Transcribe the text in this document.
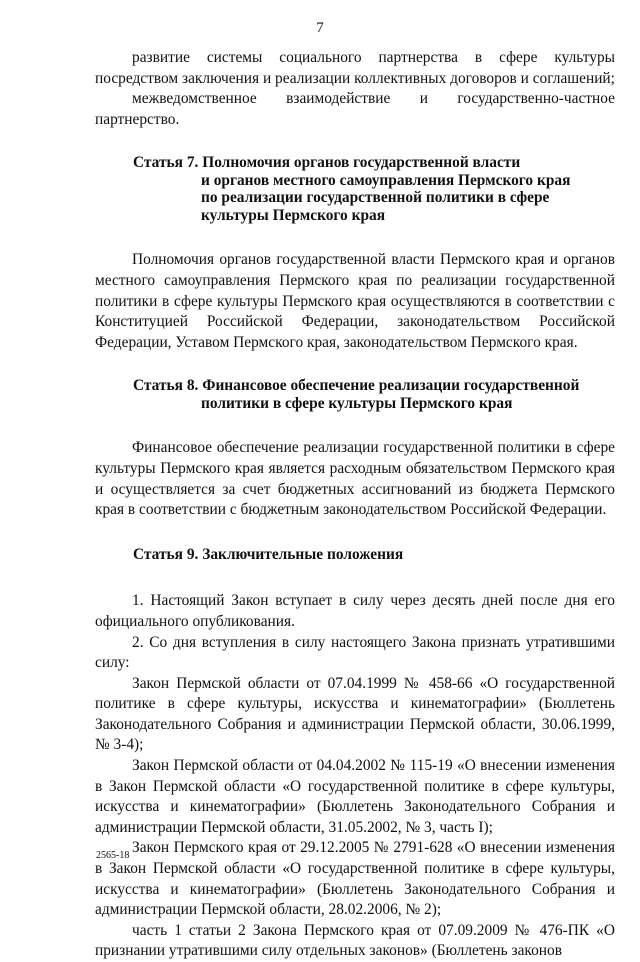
7

развитие системы социального партнерства в сфере культуры посредством заключения и реализации коллективных договоров и соглашений;

межведомственное взаимодействие и государственно-частное партнерство.

Статья 7. Полномочия органов государственной власти
и органов местного самоуправления Пермского края
по реализации государственной политики в сфере
культуры Пермского края

Полномочия органов государственной власти Пермского края и органов местного самоуправления Пермского края по реализации государственной политики в сфере культуры Пермского края осуществляются в соответствии с Конституцией Российской Федерации, законодательством Российской Федерации, Уставом Пермского края, законодательством Пермского края.

Статья 8. Финансовое обеспечение реализации государственной
политики в сфере культуры Пермского края

Финансовое обеспечение реализации государственной политики в сфере культуры Пермского края является расходным обязательством Пермского края и осуществляется за счет бюджетных ассигнований из бюджета Пермского края в соответствии с бюджетным законодательством Российской Федерации.

Статья 9. Заключительные положения

1. Настоящий Закон вступает в силу через десять дней после дня его официального опубликования.

2. Со дня вступления в силу настоящего Закона признать утратившими силу:

Закон Пермской области от 07.04.1999 № 458-66 «О государственной политике в сфере культуры, искусства и кинематографии» (Бюллетень Законодательного Собрания и администрации Пермской области, 30.06.1999, № 3-4);

Закон Пермской области от 04.04.2002 № 115-19 «О внесении изменения в Закон Пермской области «О государственной политике в сфере культуры, искусства и кинематографии» (Бюллетень Законодательного Собрания и администрации Пермской области, 31.05.2002, № 3, часть I);

Закон Пермского края от 29.12.2005 № 2791-628 «О внесении изменения в Закон Пермской области «О государственной политике в сфере культуры, искусства и кинематографии» (Бюллетень Законодательного Собрания и администрации Пермской области, 28.02.2006, № 2);

часть 1 статьи 2 Закона Пермского края от 07.09.2009 № 476-ПК «О признании утратившими силу отдельных законов» (Бюллетень законов

2565-18
